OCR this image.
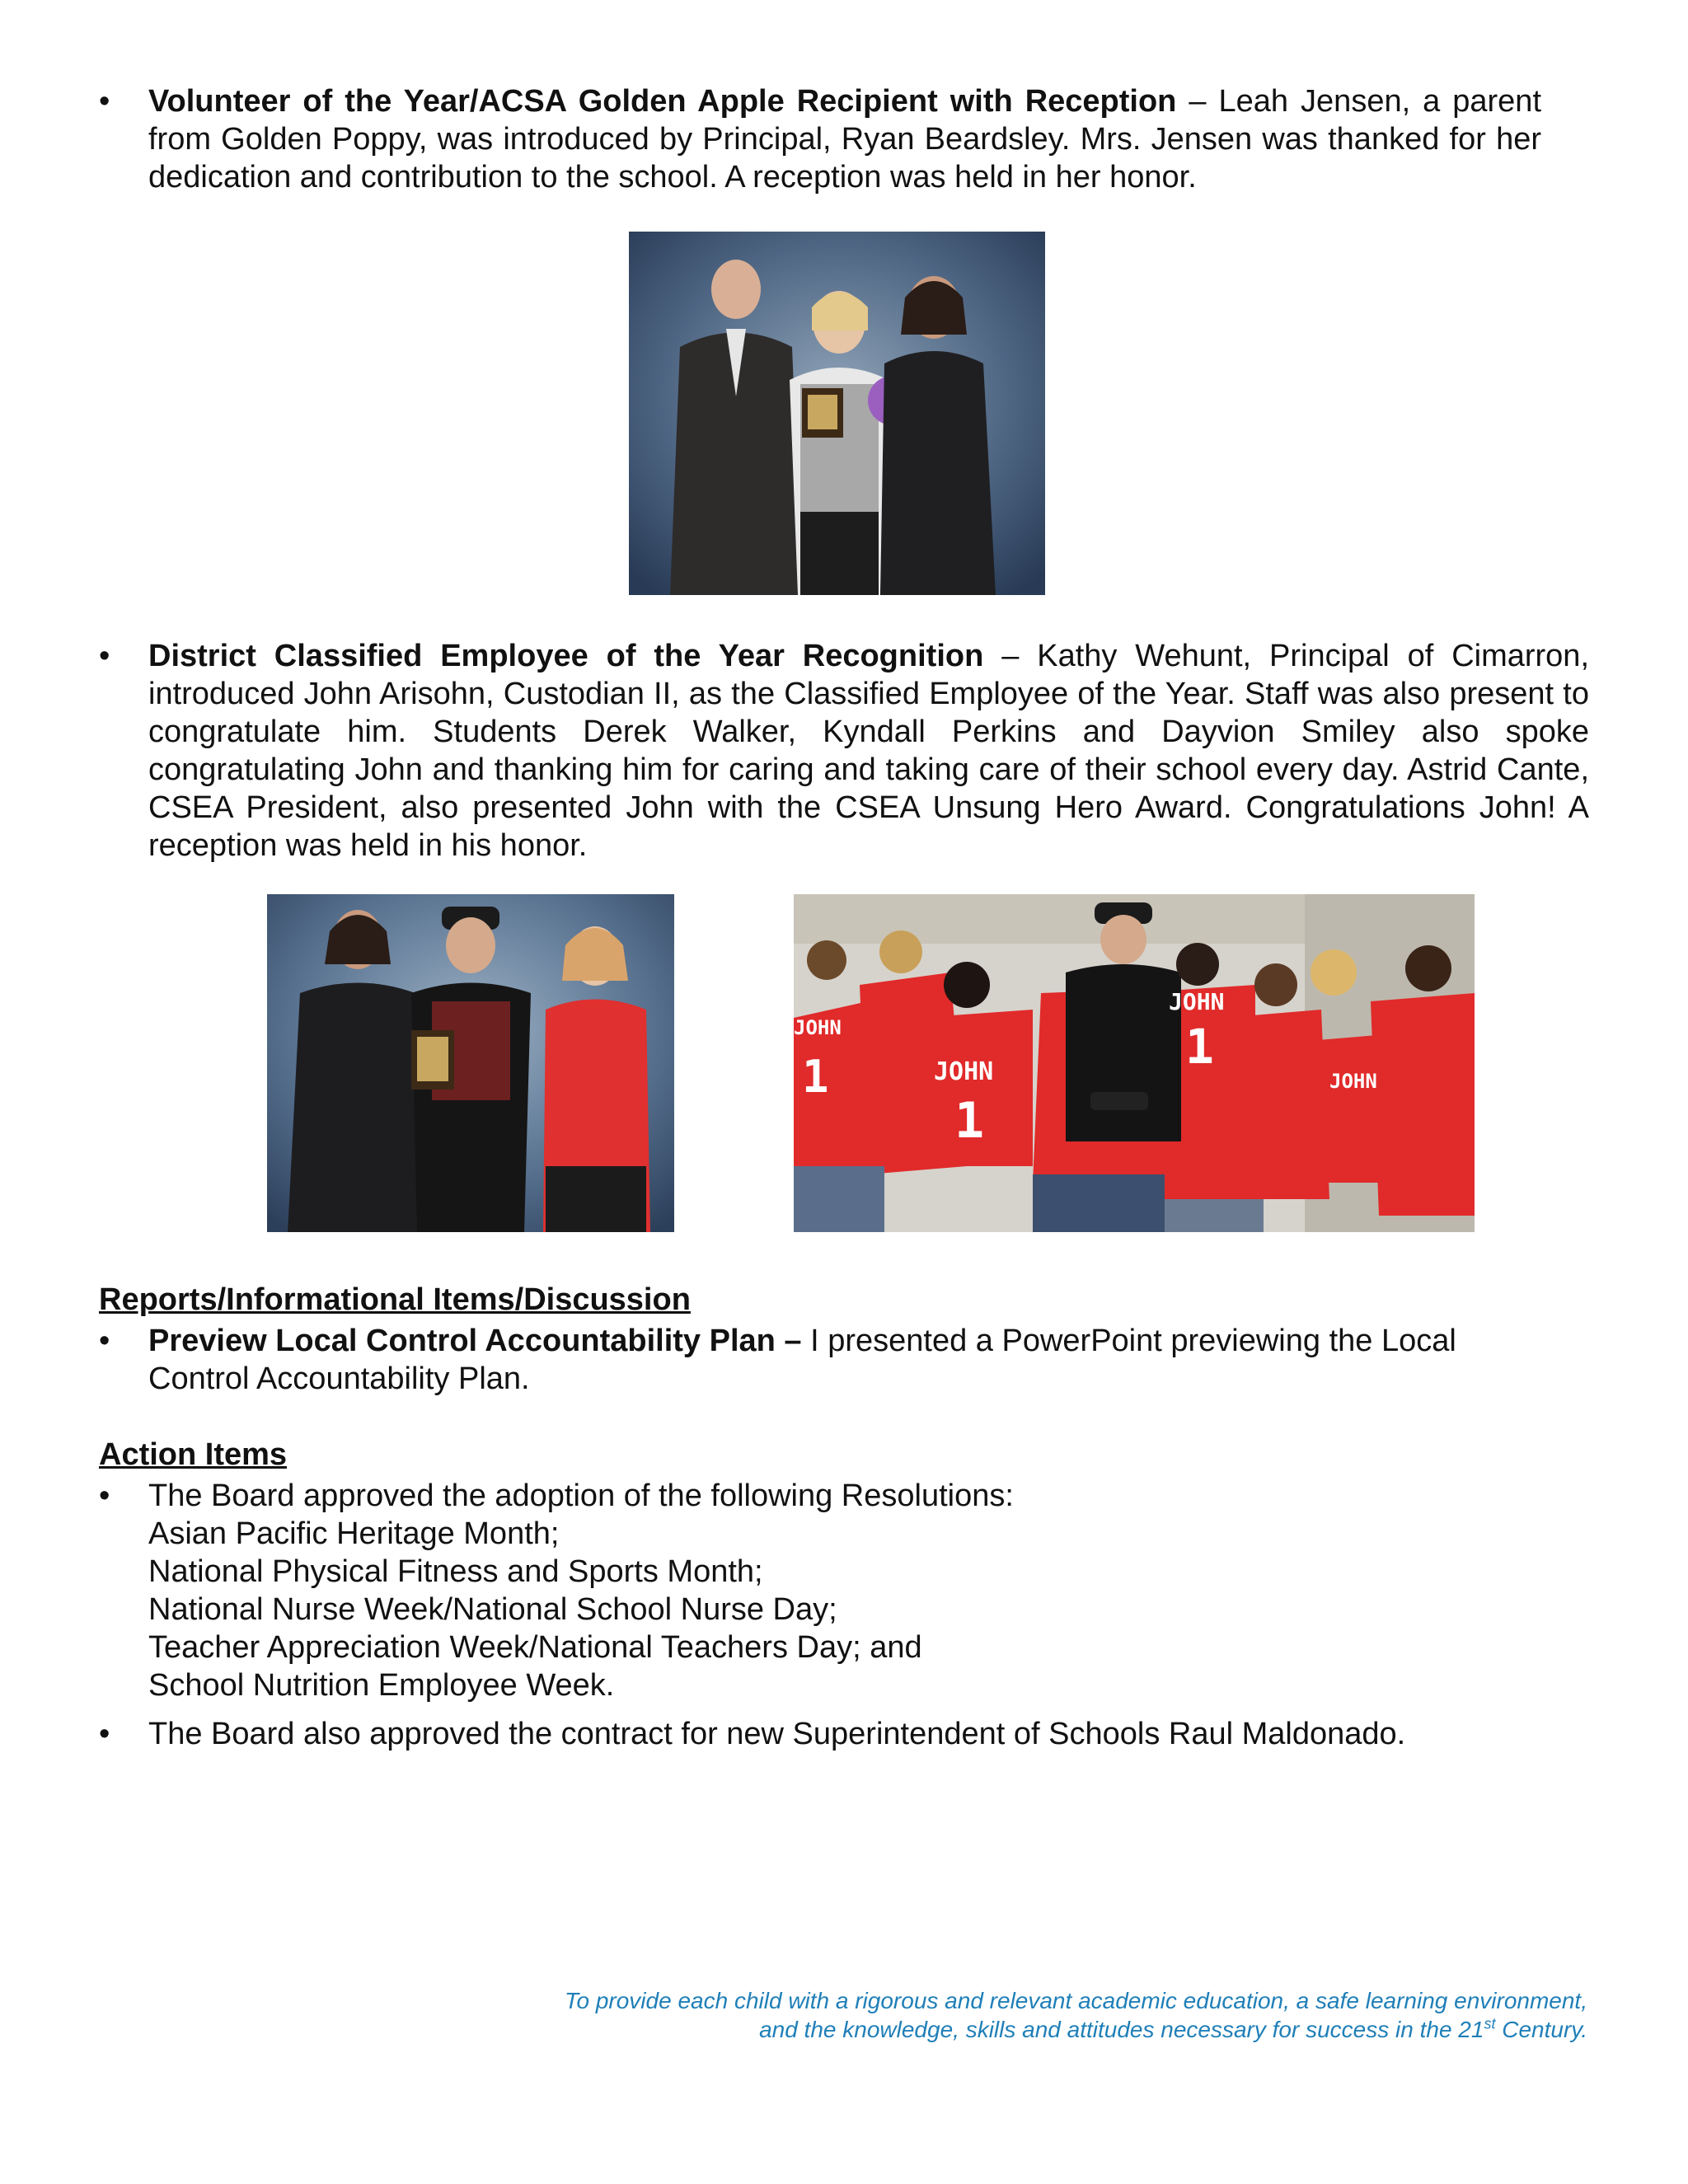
•	Volunteer of the Year/ACSA Golden Apple Recipient with Reception – Leah Jensen, a parent from Golden Poppy, was introduced by Principal, Ryan Beardsley. Mrs. Jensen was thanked for her dedication and contribution to the school. A reception was held in her honor.
•	District Classified Employee of the Year Recognition – Kathy Wehunt, Principal of Cimarron, introduced John Arisohn, Custodian II, as the Classified Employee of the Year. Staff was also present to congratulate him. Students Derek Walker, Kyndall Perkins and Dayvion Smiley also spoke congratulating John and thanking him for caring and taking care of their school every day. Astrid Cante, CSEA President, also presented John with the CSEA Unsung Hero Award. Congratulations John! A reception was held in his honor.
JOHN
1
JOHN
1
JOHN
JOHN
1
Reports/Informational Items/Discussion
•	Preview Local Control Accountability Plan – I presented a PowerPoint previewing the Local Control Accountability Plan.
Action Items
•	The Board approved the adoption of the following Resolutions:
Asian Pacific Heritage Month;
National Physical Fitness and Sports Month;
National Nurse Week/National School Nurse Day;
Teacher Appreciation Week/National Teachers Day; and
School Nutrition Employee Week.
•	The Board also approved the contract for new Superintendent of Schools Raul Maldonado.
To provide each child with a rigorous and relevant academic education, a safe learning environment,
and the knowledge, skills and attitudes necessary for success in the 21st Century.
